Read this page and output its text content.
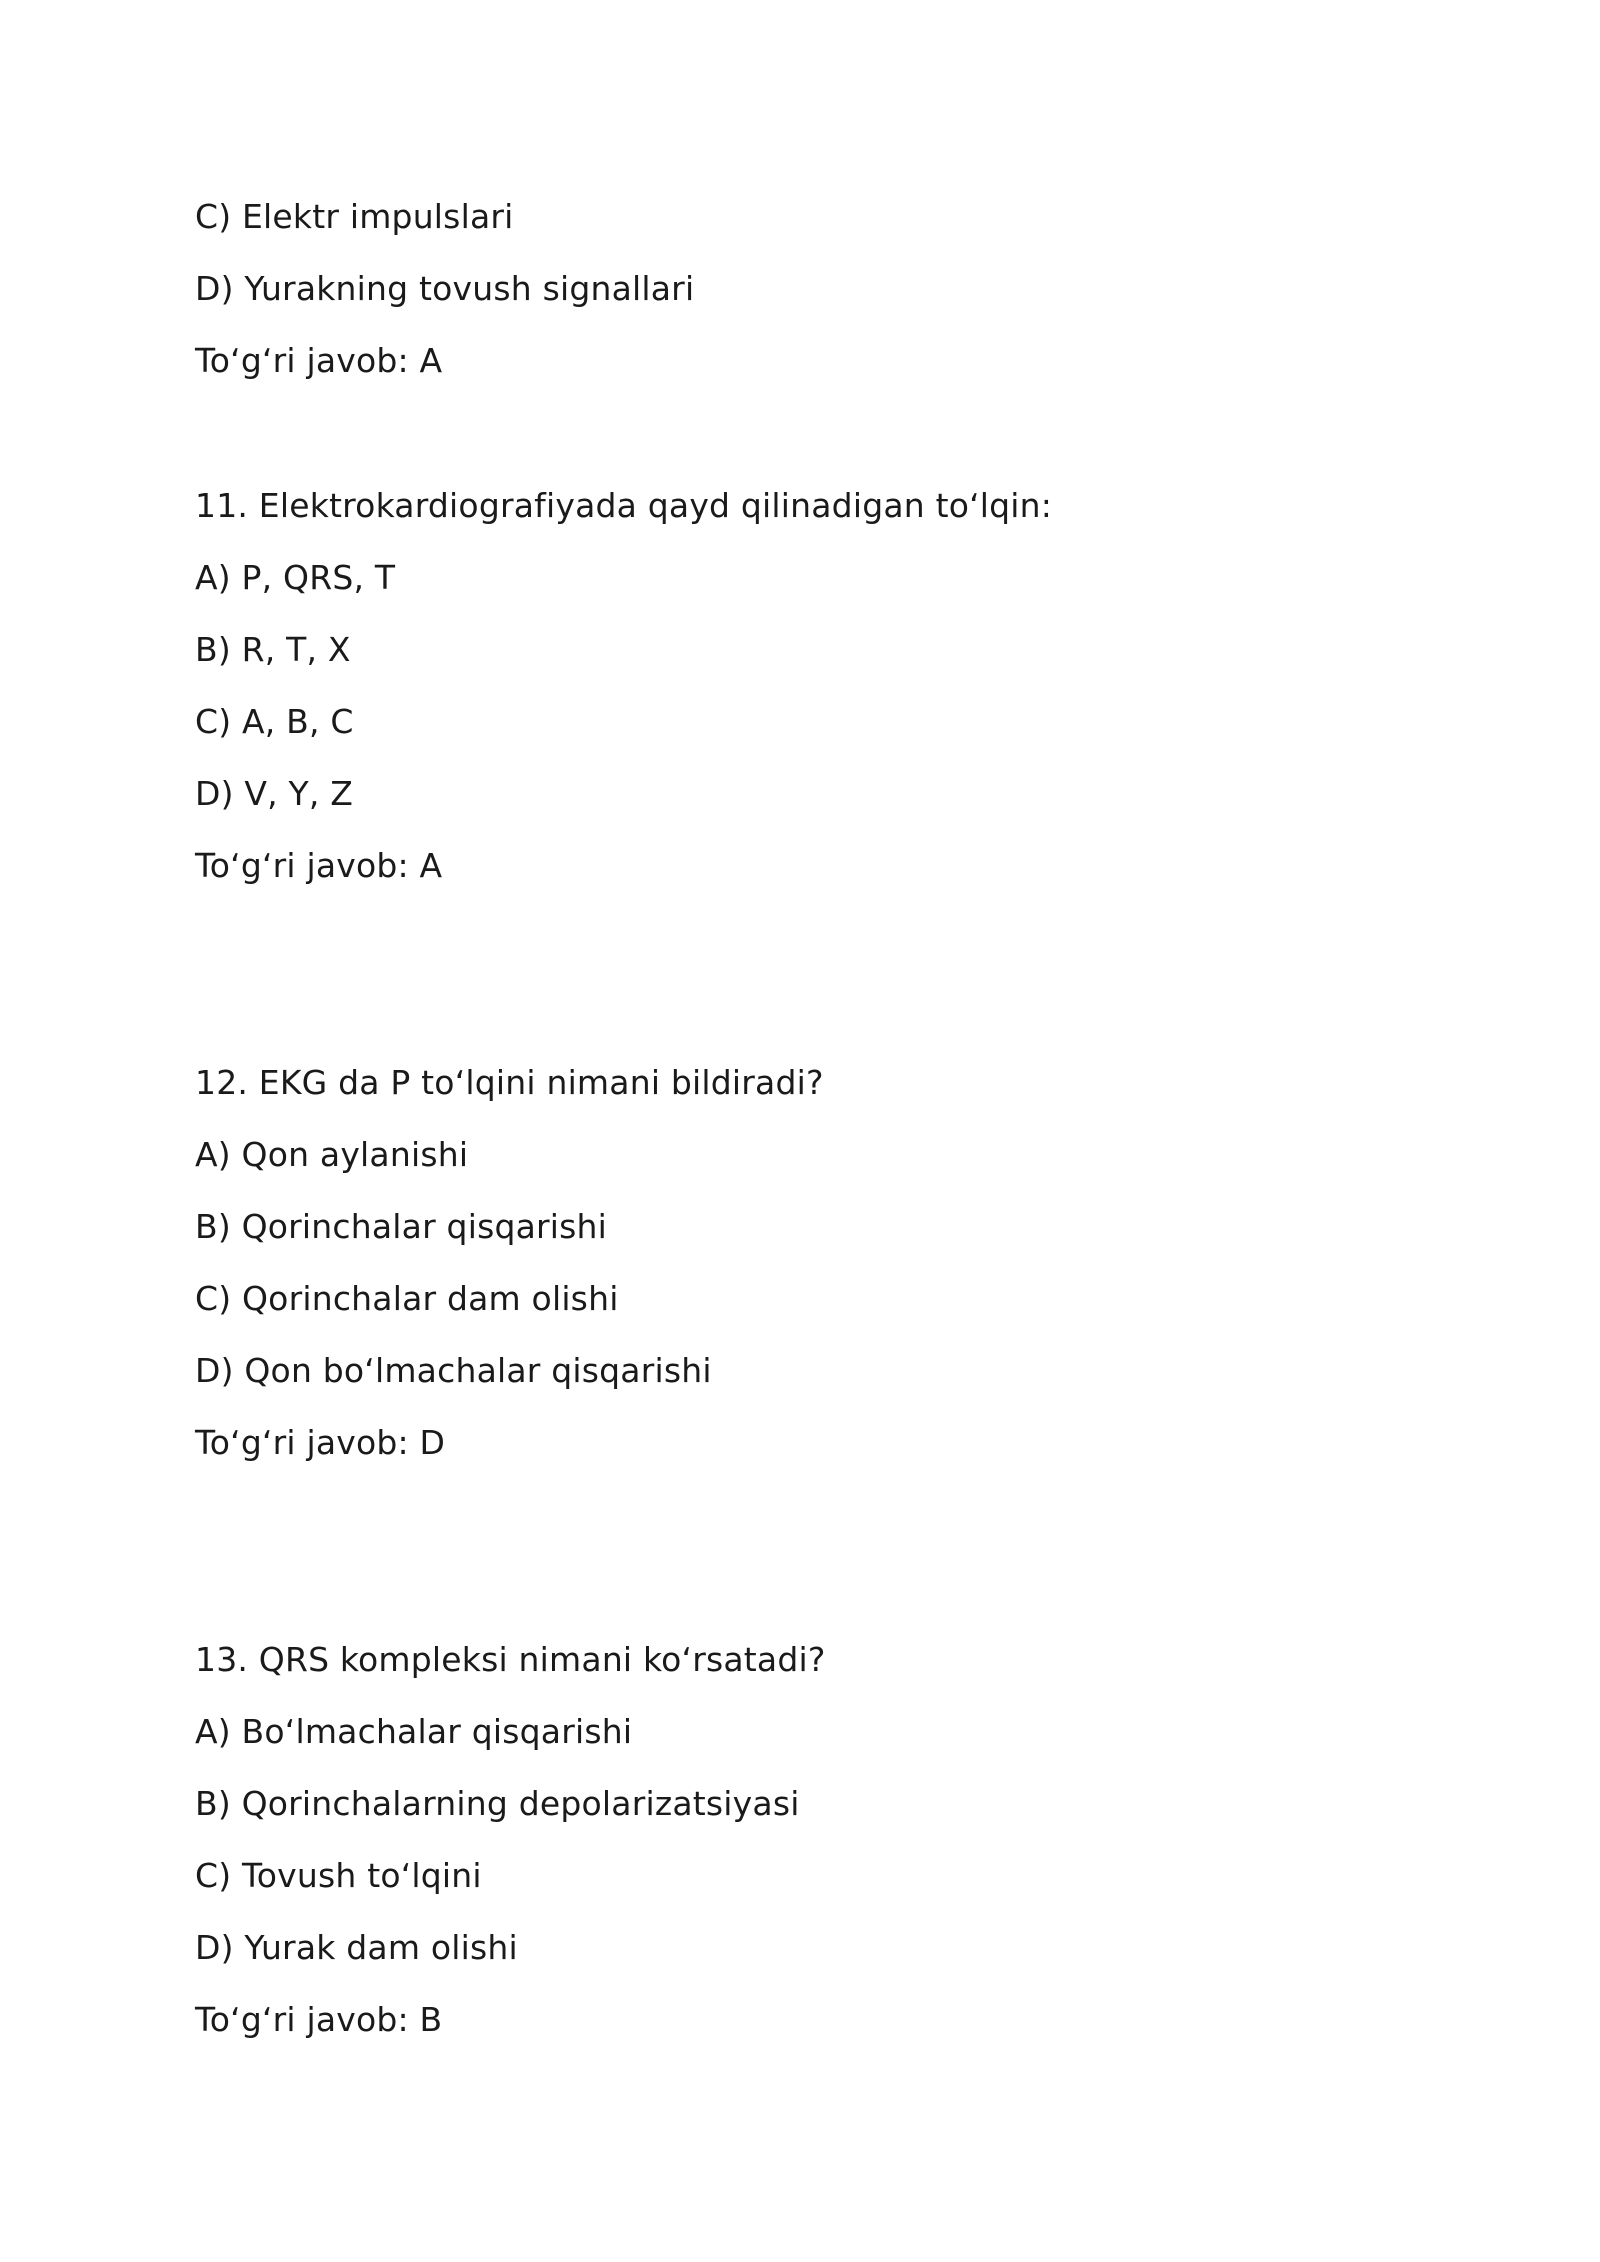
C) Elektr impulslari
D) Yurakning tovush signallari
To‘g‘ri javob: A
11. Elektrokardiografiyada qayd qilinadigan to‘lqin:
A) P, QRS, T
B) R, T, X
C) A, B, C
D) V, Y, Z
To‘g‘ri javob: A
12. EKG da P to‘lqini nimani bildiradi?
A) Qon aylanishi
B) Qorinchalar qisqarishi
C) Qorinchalar dam olishi
D) Qon bo‘lmachalar qisqarishi
To‘g‘ri javob: D
13. QRS kompleksi nimani ko‘rsatadi?
A) Bo‘lmachalar qisqarishi
B) Qorinchalarning depolarizatsiyasi
C) Tovush to‘lqini
D) Yurak dam olishi
To‘g‘ri javob: B
